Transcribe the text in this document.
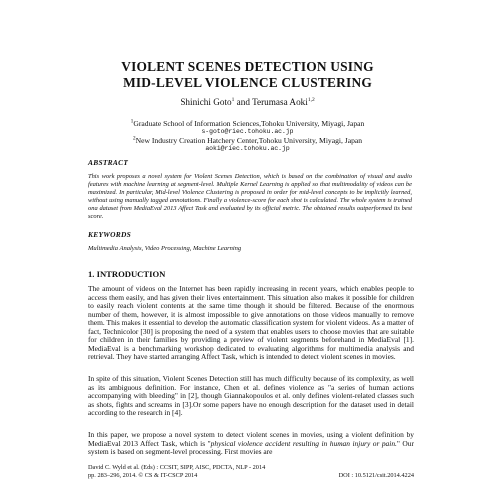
VIOLENT SCENES DETECTION USING
MID-LEVEL VIOLENCE CLUSTERING
Shinichi Goto$^1$ and Terumasa Aoki$^{1,2}$
$^1$Graduate School of Information Sciences,Tohoku University, Miyagi, Japan
s-goto@riec.tohoku.ac.jp
$^2$New Industry Creation Hatchery Center,Tohoku University, Miyagi, Japan
aoki@riec.tohoku.ac.jp
ABSTRACT
This work proposes a novel system for Violent Scenes Detection, which is based on the combination of visual and audio features with machine learning at segment-level. Multiple Kernel Learning is applied so that multimodality of videos can be maximized. In particular, Mid-level Violence Clustering is proposed in order for mid-level concepts to be implicitly learned, without using manually tagged annotations. Finally a violence-score for each shot is calculated. The whole system is trained onа dataset from MediaEval 2013 Affect Task and evaluated by its official metric. The obtained results outperformed its best score.
KEYWORDS
Multimedia Analysis, Video Processing, Machine Learning
1. INTRODUCTION
The amount of videos on the Internet has been rapidly increasing in recent years, which enables people to access them easily, and has given their lives entertainment. This situation also makes it possible for children to easily reach violent contents at the same time though it should be filtered. Because of the enormous number of them, however, it is almost impossible to give annotations on those videos manually to remove them. This makes it essential to develop the automatic classification system for violent videos. As a matter of fact, Technicolor [30] is proposing the need of a system that enables users to choose movies that are suitable for children in their families by providing a preview of violent segments beforehand in MediaEval [1]. MediaEval is a benchmarking workshop dedicated to evaluating algorithms for multimedia analysis and retrieval. They have started arranging Affect Task, which is intended to detect violent scenes in movies.
In spite of this situation, Violent Scenes Detection still has much difficulty because of its complexity, as well as its ambiguous definition. For instance, Chen et al. defines violence as "a series of human actions accompanying with bleeding" in [2], though Giannakopoulos et al. only defines violent-related classes such as shots, fights and screams in [3].Or some papers have no enough description for the dataset used in detail according to the research in [4].
In this paper, we propose a novel system to detect violent scenes in movies, using a violent definition by MediaEval 2013 Affect Task, which is "physical violence accident resulting in human injury or pain." Our system is based on segment-level processing. First movies are
David C. Wyld et al. (Eds) : CCSIT, SIPP, AISC, PDCTA, NLP - 2014
pp. 283–296, 2014. © CS & IT-CSCP 2014	DOI : 10.5121/csit.2014.4224
